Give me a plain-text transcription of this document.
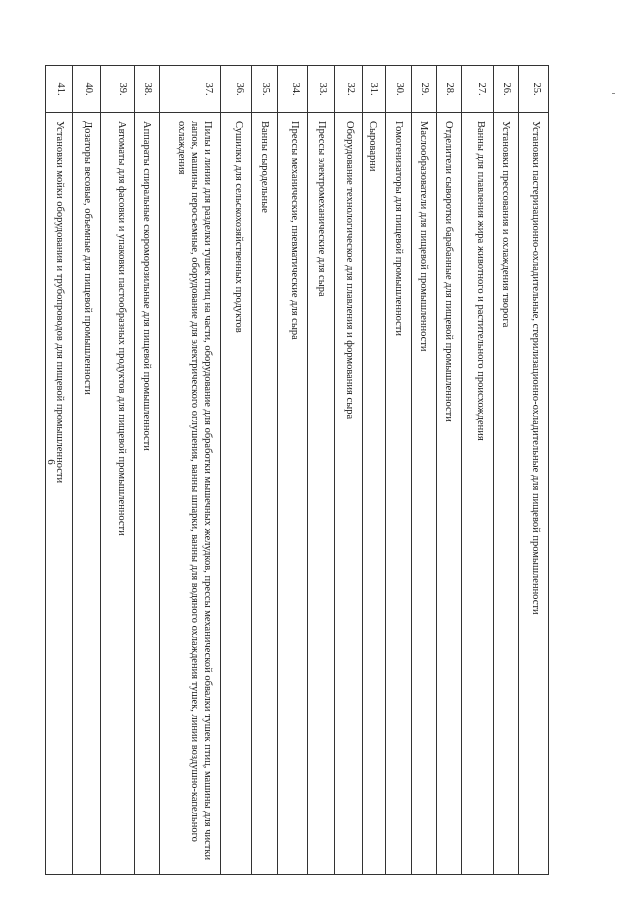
6
25.
Установки пастеризационно-охладительные, стерилизационно-охладительные для пищевой промышленности
26.
Установки прессования и охлаждения творога
27.
Ванны для плавления жира животного и растительного происхождения
28.
Отделители сыворотки барабанные для пищевой промышленности
29.
Маслообразователи для пищевой промышленности
30.
Гомогенизаторы для пищевой промышленности
31.
Сыроварни
32.
Оборудование технологическое для плавления и формования сыра
33.
Прессы электромеханические для сыра
34.
Прессы механические, пневматические для сыра
35.
Ванны сыродельные
36.
Сушилки для сельскохозяйственных продуктов
37.
Пилы и линии для разделки тушек птиц на части, оборудование для обработки мышечных желудков, прессы механической обвалки тушек птиц, машины для чистки лапок, машины перосъемные, оборудование для электрического оглушения, ванны шпарки, ванны для водяного охлаждения тушек, линии воздушно-капельного охлаждения
38.
Аппараты спиральные скороморозильные для пищевой промышленности
39.
Автоматы для фасовки и упаковки пастообразных продуктов для пищевой промышленности
40.
Дозаторы весовые, объемные для пищевой промышленности
41.
Установки мойки оборудования и трубопроводов для пищевой промышленности
